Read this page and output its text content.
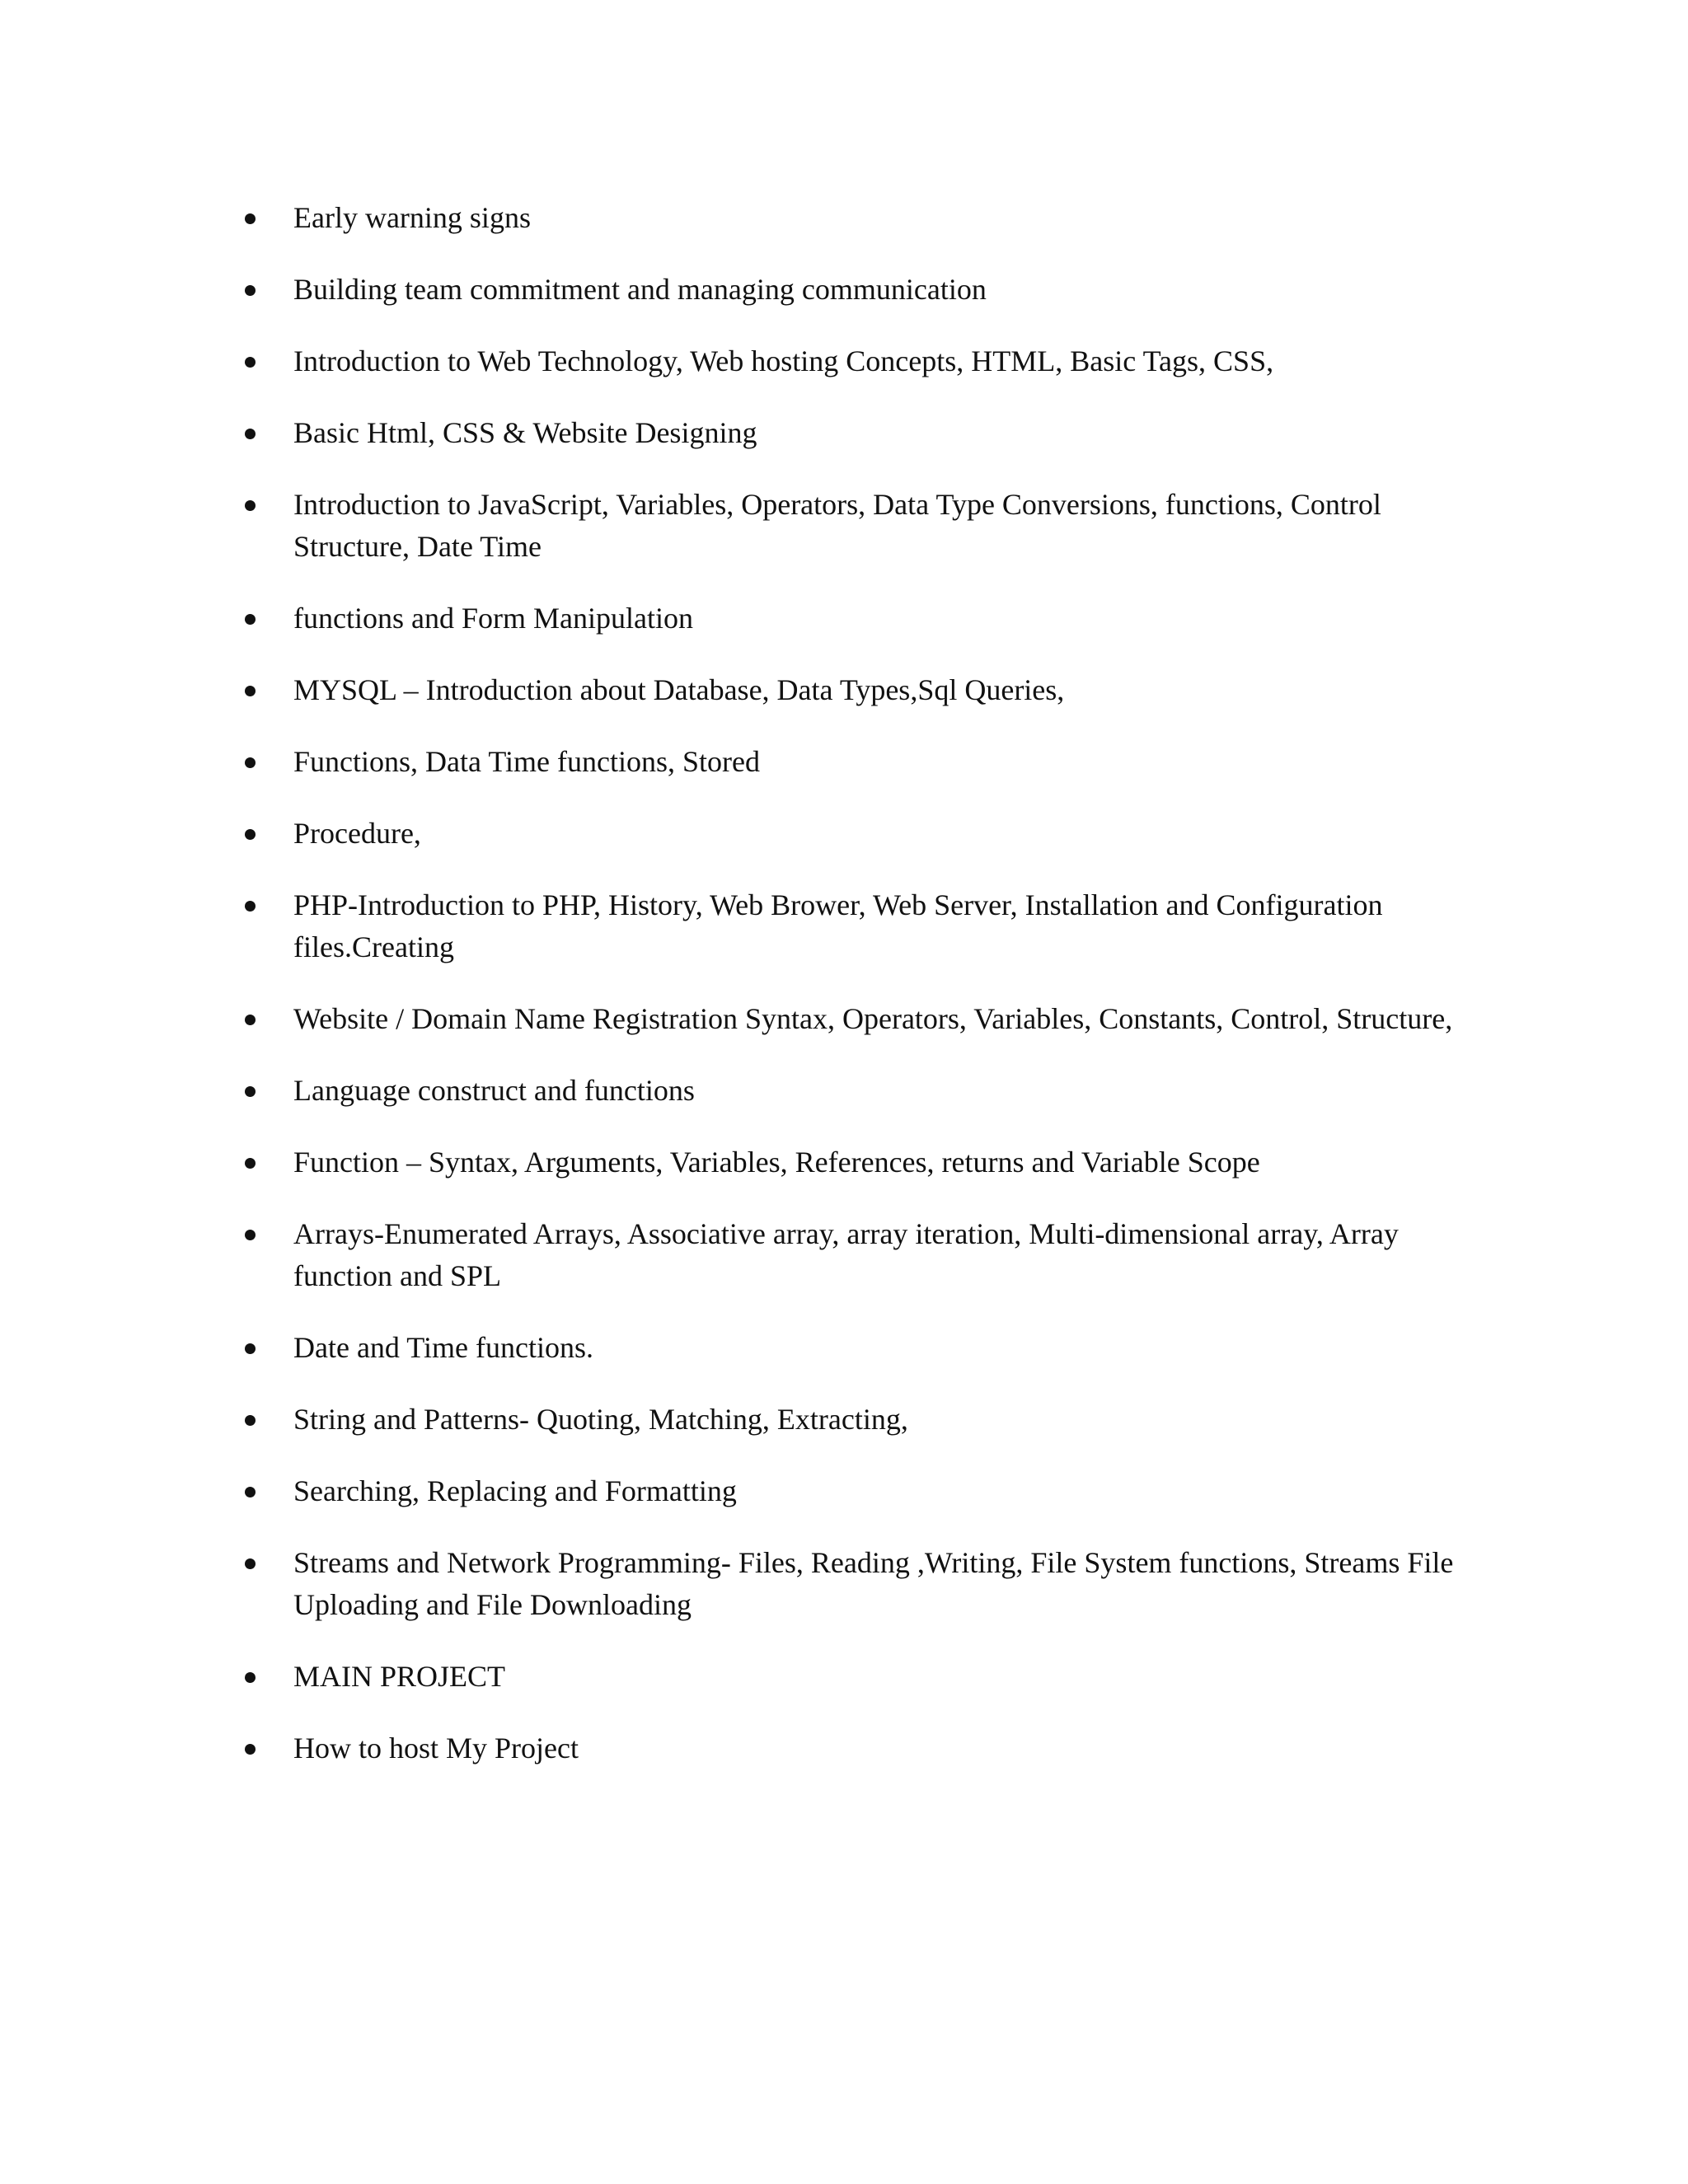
Early warning signs
Building team commitment and managing communication
Introduction to Web Technology, Web hosting Concepts, HTML, Basic Tags, CSS,
Basic Html, CSS & Website Designing
Introduction to JavaScript, Variables, Operators, Data Type Conversions, functions, Control Structure, Date Time
functions and Form Manipulation
MYSQL – Introduction about Database, Data Types,Sql Queries,
Functions, Data Time functions, Stored
Procedure,
PHP-Introduction to PHP, History, Web Brower, Web Server, Installation and Configuration files.Creating
Website / Domain Name Registration Syntax, Operators, Variables, Constants, Control, Structure,
Language construct and functions
Function – Syntax, Arguments, Variables, References, returns and Variable Scope
Arrays-Enumerated Arrays, Associative array, array iteration, Multi-dimensional array, Array function and SPL
Date and Time functions.
String and Patterns- Quoting, Matching, Extracting,
Searching, Replacing and Formatting
Streams and Network Programming- Files, Reading ,Writing, File System functions, Streams File Uploading and File Downloading
MAIN PROJECT
How to host My Project
